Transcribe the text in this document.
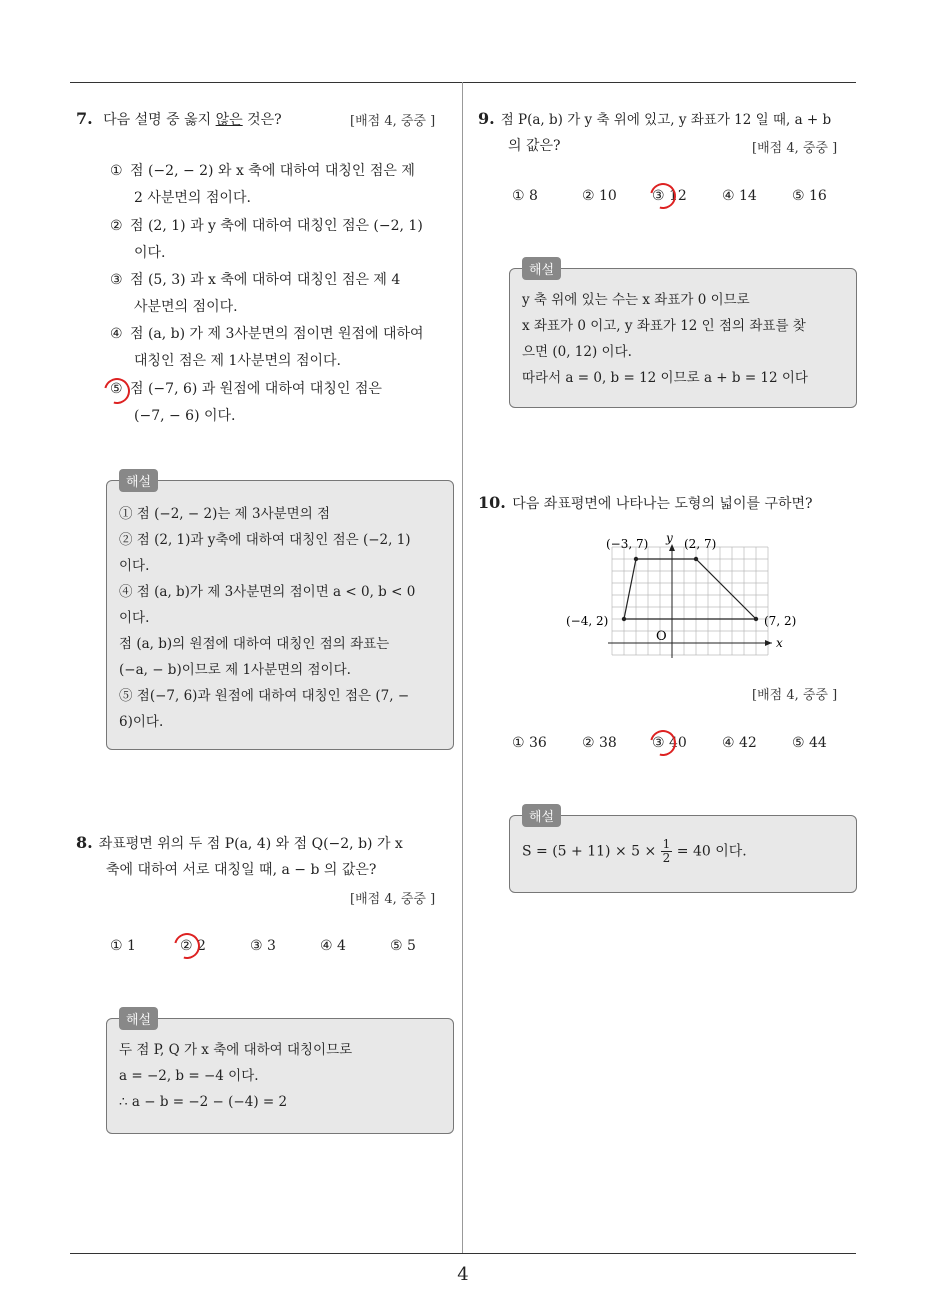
7. 다음 설명 중 옳지 않은 것은?	[배점 4, 중중 ]
① 점 (−2, − 2) 와 x 축에 대하여 대칭인 점은 제
2 사분면의 점이다.
② 점 (2, 1) 과 y 축에 대하여 대칭인 점은 (−2, 1)
이다.
③ 점 (5, 3) 과 x 축에 대하여 대칭인 점은 제 4
사분면의 점이다.
④ 점 (a, b) 가 제 3사분면의 점이면 원점에 대하여
대칭인 점은 제 1사분면의 점이다.
⑤ 점 (−7, 6) 과 원점에 대하여 대칭인 점은
(−7, − 6) 이다.
해설
① 점 (−2, − 2)는 제 3사분면의 점
② 점 (2, 1)과 y축에 대하여 대칭인 점은 (−2, 1)
이다.
④ 점 (a, b)가 제 3사분면의 점이면 a < 0, b < 0
이다.
점 (a, b)의 원점에 대하여 대칭인 점의 좌표는
(−a, − b)이므로 제 1사분면의 점이다.
⑤ 점(−7, 6)과 원점에 대하여 대칭인 점은 (7, −
6)이다.
8. 좌표평면 위의 두 점 P(a, 4) 와 점 Q(−2, b) 가 x
축에 대하여 서로 대칭일 때, a − b 의 값은?
[배점 4, 중중 ]
① 1	② 2	③ 3	④ 4	⑤ 5
해설
두 점 P, Q 가 x 축에 대하여 대칭이므로
a = −2, b = −4 이다.
∴ a − b = −2 − (−4) = 2
9. 점 P(a, b) 가 y 축 위에 있고, y 좌표가 12 일 때, a + b
의 값은?	[배점 4, 중중 ]
① 8	② 10	③ 12	④ 14	⑤ 16
해설
y 축 위에 있는 수는 x 좌표가 0 이므로
x 좌표가 0 이고, y 좌표가 12 인 점의 좌표를 찾
으면 (0, 12) 이다.
따라서 a = 0, b = 12 이므로 a + b = 12 이다
10. 다음 좌표평면에 나타나는 도형의 넓이를 구하면?
(−3, 7)	(2, 7)
(−4, 2)	(7, 2)
O	x
y
[배점 4, 중중 ]
① 36	② 38	③ 40	④ 42	⑤ 44
해설
$S = (5 + 11) \times 5 \times \frac{1}{2} = 40$ 이다.
4
